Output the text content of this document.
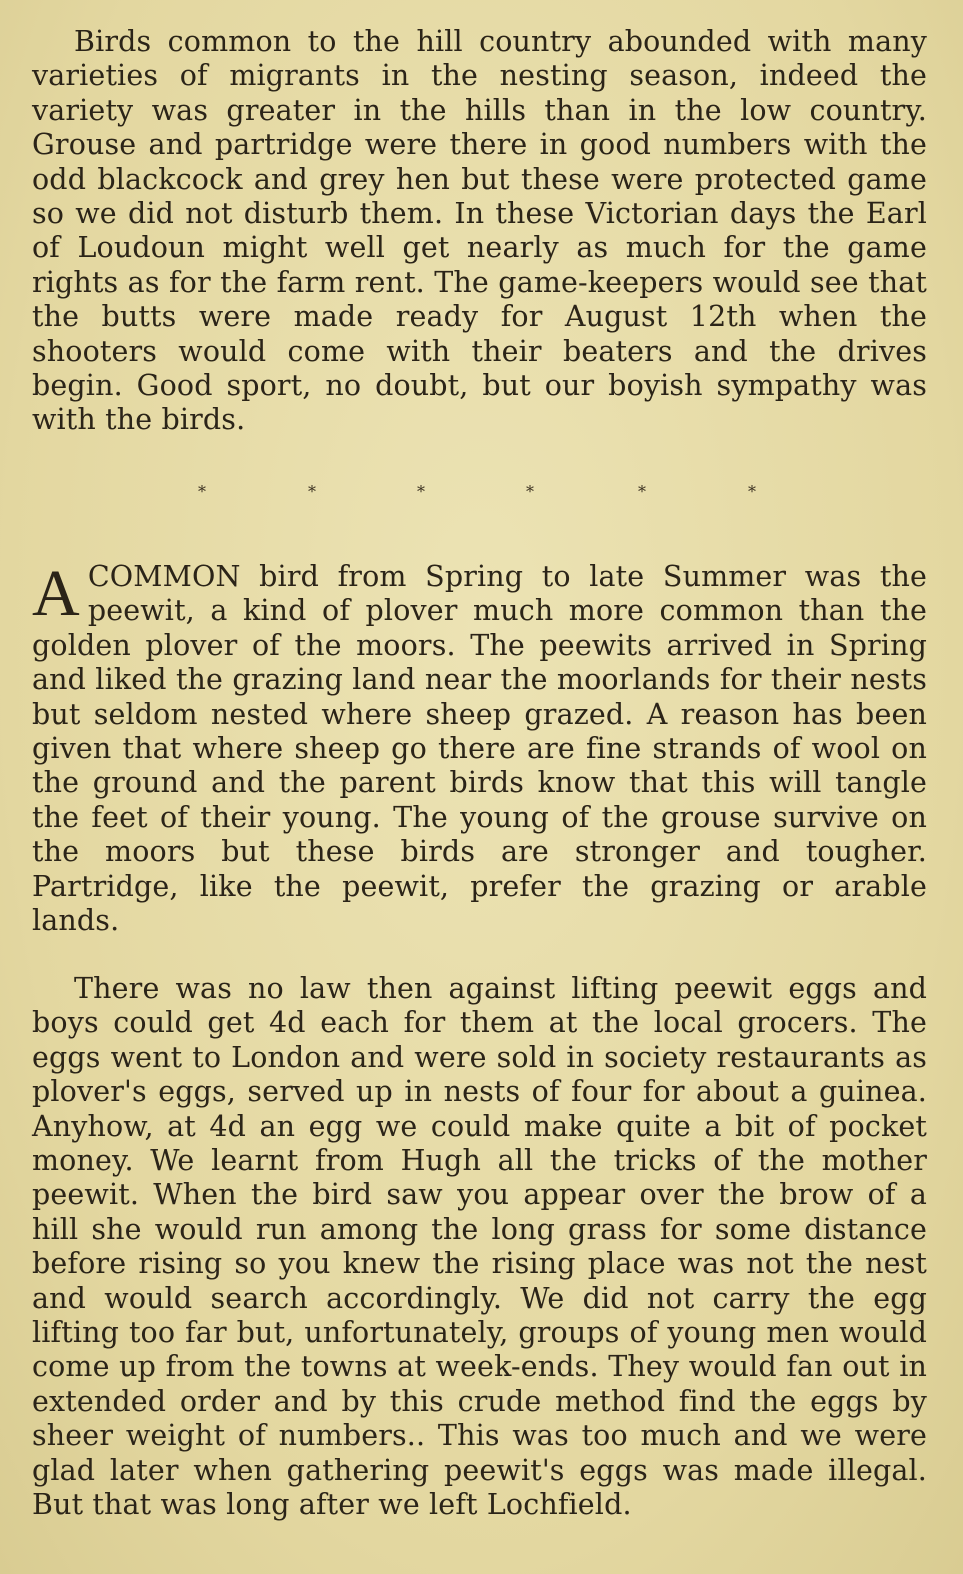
Birds common to the hill country abounded with many varieties of migrants in the nesting season, indeed the variety was greater in the hills than in the low country. Grouse and partridge were there in good numbers with the odd blackcock and grey hen but these were protected game so we did not disturb them. In these Victorian days the Earl of Loudoun might well get nearly as much for the game rights as for the farm rent. The game-keepers would see that the butts were made ready for August 12th when the shooters would come with their beaters and the drives begin. Good sport, no doubt, but our boyish sympathy was with the birds.

*	*	*	*	*	*

A COMMON bird from Spring to late Summer was the peewit, a kind of plover much more common than the golden plover of the moors. The peewits arrived in Spring and liked the grazing land near the moorlands for their nests but seldom nested where sheep grazed. A reason has been given that where sheep go there are fine strands of wool on the ground and the parent birds know that this will tangle the feet of their young. The young of the grouse survive on the moors but these birds are stronger and tougher. Partridge, like the peewit, prefer the grazing or arable lands.

There was no law then against lifting peewit eggs and boys could get 4d each for them at the local grocers. The eggs went to London and were sold in society restaurants as plover's eggs, served up in nests of four for about a guinea. Anyhow, at 4d an egg we could make quite a bit of pocket money. We learnt from Hugh all the tricks of the mother peewit. When the bird saw you appear over the brow of a hill she would run among the long grass for some distance before rising so you knew the rising place was not the nest and would search accordingly. We did not carry the egg lifting too far but, unfortunately, groups of young men would come up from the towns at week-ends. They would fan out in extended order and by this crude method find the eggs by sheer weight of numbers.. This was too much and we were glad later when gathering peewit's eggs was made illegal. But that was long after we left Lochfield.
